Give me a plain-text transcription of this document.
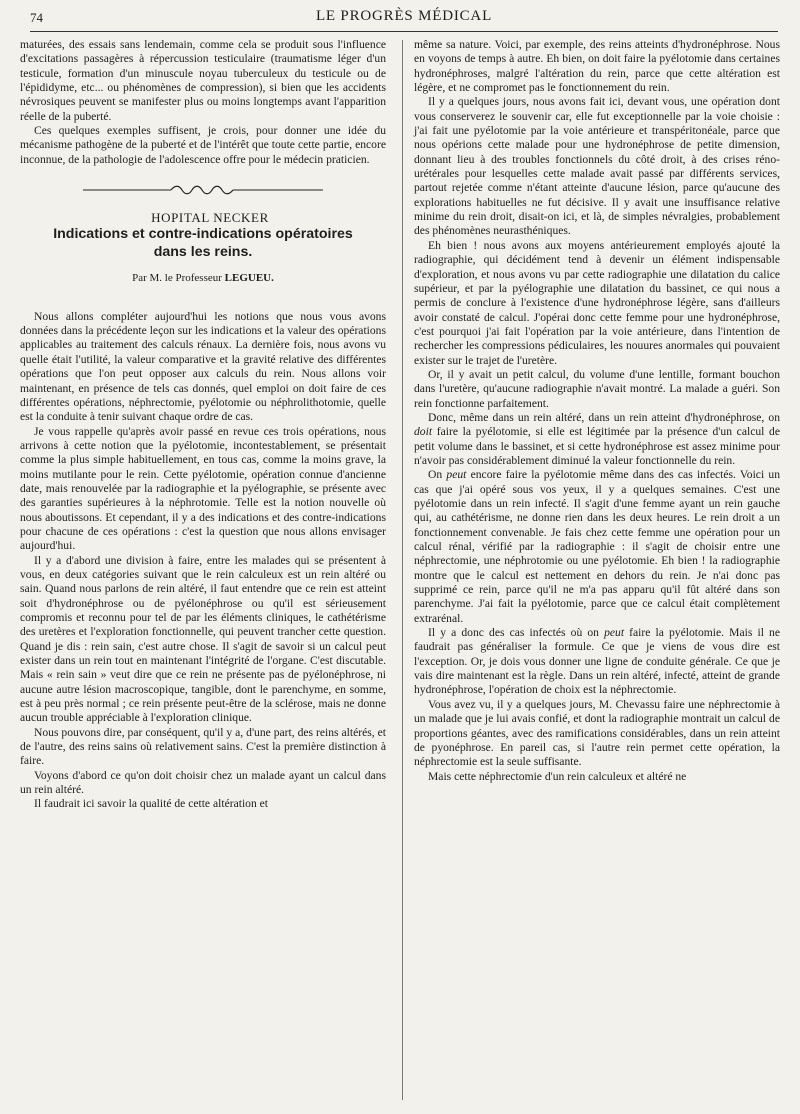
74	LE PROGRÈS MÉDICAL

maturées, des essais sans lendemain, comme cela se produit sous l'influence d'excitations passagères à répercussion testiculaire (traumatisme léger d'un testicule, formation d'un minuscule noyau tuberculeux du testicule ou de l'épididyme, etc... ou phénomènes de compression), si bien que les accidents névrosiques peuvent se manifester plus ou moins longtemps avant l'apparition réelle de la puberté.

Ces quelques exemples suffisent, je crois, pour donner une idée du mécanisme pathogène de la puberté et de l'intérêt que toute cette partie, encore inconnue, de la pathologie de l'adolescence offre pour le médecin praticien.

HOPITAL NECKER

Indications et contre-indications opératoires
dans les reins.
Par M. le Professeur LEGUEU.

Nous allons compléter aujourd'hui les notions que nous vous avons données dans la précédente leçon sur les indications et la valeur des opérations applicables au traitement des calculs rénaux. La dernière fois, nous avons vu quelle était l'utilité, la valeur comparative et la gravité relative des différentes opérations que l'on peut opposer aux calculs du rein. Nous allons voir maintenant, en présence de tels cas donnés, quel emploi on doit faire de ces différentes opérations, néphrectomie, pyélotomie ou néphrolithotomie, quelle est la conduite à tenir suivant chaque ordre de cas.

Je vous rappelle qu'après avoir passé en revue ces trois opérations, nous arrivons à cette notion que la pyélotomie, incontestablement, se présentait comme la plus simple habituellement, en tous cas, comme la moins grave, la moins mutilante pour le rein. Cette pyélotomie, opération connue d'ancienne date, mais renouvelée par la radiographie et la pyélographie, se présente avec des garanties supérieures à la néphrotomie. Telle est la notion nouvelle où nous aboutissons. Et cependant, il y a des indications et des contre-indications pour chacune de ces opérations : c'est la question que nous allons envisager aujourd'hui.

Il y a d'abord une division à faire, entre les malades qui se présentent à vous, en deux catégories suivant que le rein calculeux est un rein altéré ou sain. Quand nous parlons de rein altéré, il faut entendre que ce rein est atteint soit d'hydronéphrose ou de pyélonéphrose ou qu'il est sérieusement compromis et reconnu pour tel de par les éléments cliniques, le cathétérisme des uretères et l'exploration fonctionnelle, qui peuvent trancher cette question. Quand je dis : rein sain, c'est autre chose. Il s'agit de savoir si un calcul peut exister dans un rein tout en maintenant l'intégrité de l'organe. C'est discutable. Mais « rein sain » veut dire que ce rein ne présente pas de pyélonéphrose, ni aucune autre lésion macroscopique, tangible, dont le parenchyme, en somme, est à peu près normal ; ce rein présente peut-être de la sclérose, mais ne donne aucun trouble appréciable à l'exploration clinique.

Nous pouvons dire, par conséquent, qu'il y a, d'une part, des reins altérés, et de l'autre, des reins sains où relativement sains. C'est la première distinction à faire.

Voyons d'abord ce qu'on doit choisir chez un malade ayant un calcul dans un rein altéré.

Il faudrait ici savoir la qualité de cette altération et

même sa nature. Voici, par exemple, des reins atteints d'hydronéphrose. Nous en voyons de temps à autre. Eh bien, on doit faire la pyélotomie dans certaines hydronéphroses, malgré l'altération du rein, parce que cette altération est légère, et ne compromet pas le fonctionnement du rein.

Il y a quelques jours, nous avons fait ici, devant vous, une opération dont vous conserverez le souvenir car, elle fut exceptionnelle par la voie choisie : j'ai fait une pyélotomie par la voie antérieure et transpéritonéale, parce que nous opérions cette malade pour une hydronéphrose de petite dimension, donnant lieu à des troubles fonctionnels du côté droit, à des crises réno-urétérales pour lesquelles cette malade avait passé par différents services, partout rejetée comme n'étant atteinte d'aucune lésion, parce qu'aucune des explorations habituelles ne fut décisive. Il y avait une insuffisance relative minime du rein droit, disait-on ici, et là, de simples névralgies, probablement des phénomènes neurasthéniques.

Eh bien ! nous avons aux moyens antérieurement employés ajouté la radiographie, qui décidément tend à devenir un élément indispensable d'exploration, et nous avons vu par cette radiographie une dilatation du calice supérieur, et par la pyélographie une dilatation du bassinet, ce qui nous a permis de conclure à l'existence d'une hydronéphrose légère, sans d'ailleurs avoir constaté de calcul. J'opérai donc cette femme pour une hydronéphrose, c'est pourquoi j'ai fait l'opération par la voie antérieure, dans l'intention de rechercher les compressions pédiculaires, les nouures anormales qui pouvaient exister sur le trajet de l'uretère.

Or, il y avait un petit calcul, du volume d'une lentille, formant bouchon dans l'uretère, qu'aucune radiographie n'avait montré. La malade a guéri. Son rein fonctionne parfaitement.

Donc, même dans un rein altéré, dans un rein atteint d'hydronéphrose, on doit faire la pyélotomie, si elle est légitimée par la présence d'un calcul de petit volume dans le bassinet, et si cette hydronéphrose est assez minime pour n'avoir pas considérablement diminué la valeur fonctionnelle du rein.

On peut encore faire la pyélotomie même dans des cas infectés. Voici un cas que j'ai opéré sous vos yeux, il y a quelques semaines. C'est une pyélotomie dans un rein infecté. Il s'agit d'une femme ayant un rein gauche qui, au cathétérisme, ne donne rien dans les deux heures. Le rein droit a un fonctionnement convenable. Je fais chez cette femme une opération pour un calcul rénal, vérifié par la radiographie : il s'agit de choisir entre une néphrectomie, une néphrotomie ou une pyélotomie. Eh bien ! la radiographie montre que le calcul est nettement en dehors du rein. Je n'ai donc pas supprimé ce rein, parce qu'il ne m'a pas apparu qu'il fût altéré dans son parenchyme. J'ai fait la pyélotomie, parce que ce calcul était complètement extrarénal.

Il y a donc des cas infectés où on peut faire la pyélotomie. Mais il ne faudrait pas généraliser la formule. Ce que je viens de vous dire est l'exception. Or, je dois vous donner une ligne de conduite générale. Ce que je vais dire maintenant est la règle. Dans un rein altéré, infecté, atteint de grande hydronéphrose, l'opération de choix est la néphrectomie.

Vous avez vu, il y a quelques jours, M. Chevassu faire une néphrectomie à un malade que je lui avais confié, et dont la radiographie montrait un calcul de proportions géantes, avec des ramifications considérables, dans un rein atteint de pyonéphrose. En pareil cas, si l'autre rein permet cette opération, la néphrectomie est la seule suffisante.

Mais cette néphrectomie d'un rein calculeux et altéré ne
